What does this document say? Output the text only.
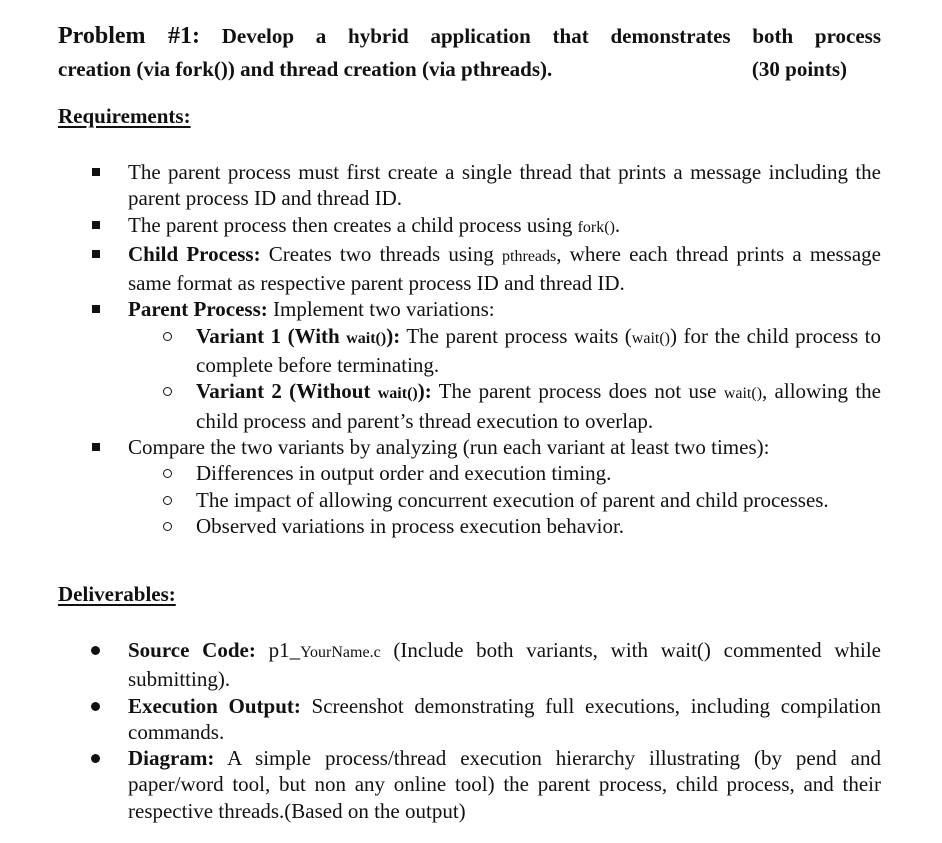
Problem #1: Develop a hybrid application that demonstrates both process
creation (via fork()) and thread creation (via pthreads).	(30 points)
Requirements:
The parent process must first create a single thread that prints a message including the parent process ID and thread ID.
The parent process then creates a child process using fork().
Child Process: Creates two threads using pthreads, where each thread prints a message same format as respective parent process ID and thread ID.
Parent Process: Implement two variations:
Variant 1 (With wait()): The parent process waits (wait()) for the child process to complete before terminating.
Variant 2 (Without wait()): The parent process does not use wait(), allowing the child process and parent’s thread execution to overlap.
Compare the two variants by analyzing (run each variant at least two times):
Differences in output order and execution timing.
The impact of allowing concurrent execution of parent and child processes.
Observed variations in process execution behavior.
Deliverables:
Source Code: p1_YourName.c (Include both variants, with wait() commented while submitting).
Execution Output: Screenshot demonstrating full executions, including compilation commands.
Diagram: A simple process/thread execution hierarchy illustrating (by pend and paper/word tool, but non any online tool) the parent process, child process, and their respective threads.(Based on the output)
